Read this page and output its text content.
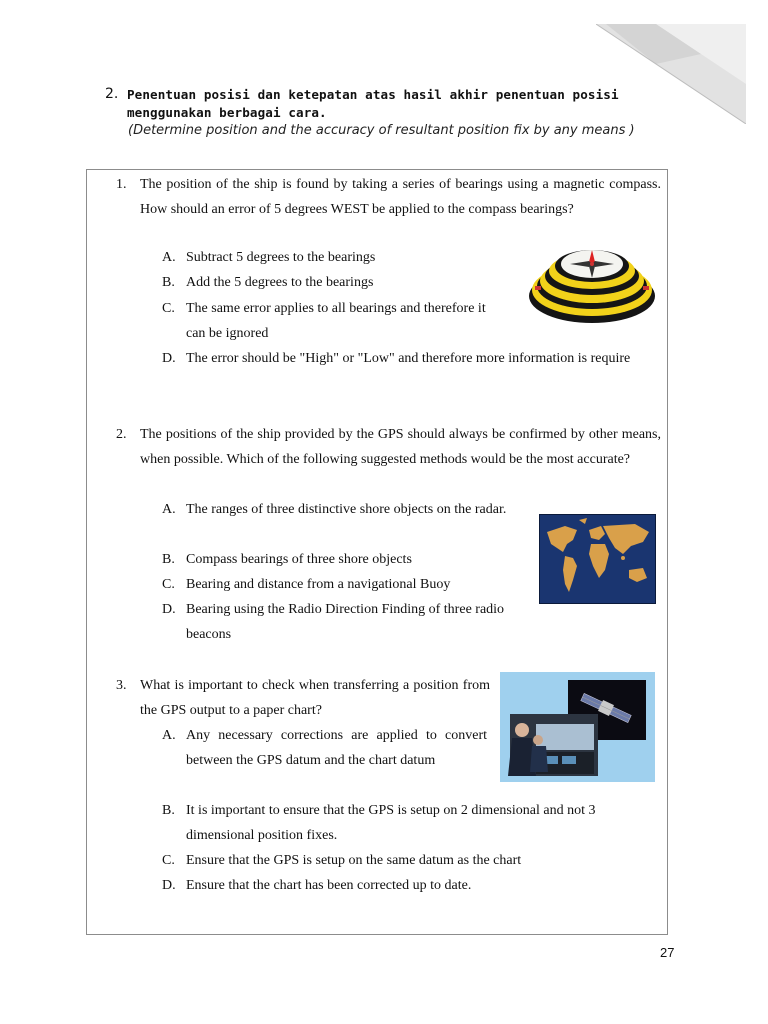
2. Penentuan posisi dan ketepatan atas hasil akhir penentuan posisi menggunakan berbagai cara.
(Determine position and the accuracy of resultant position fix by any means )
1. The position of the ship is found by taking a series of bearings using a magnetic compass. How should an error of 5 degrees WEST be applied to the compass bearings?
A. Subtract 5 degrees to the bearings
B. Add the 5 degrees to the bearings
C. The same error applies to all bearings and therefore it can be ignored
D. The error should be "High" or "Low" and therefore more information is require
2. The positions of the ship provided by the GPS should always be confirmed by other means, when possible. Which of the following suggested methods would be the most accurate?
A. The ranges of three distinctive shore objects on the radar.
B. Compass bearings of three shore objects
C. Bearing and distance from a navigational Buoy
D. Bearing using the Radio Direction Finding of three radio beacons
3. What is important to check when transferring a position from the GPS output to a paper chart?
A. Any necessary corrections are applied to convert between the GPS datum and the chart datum
B. It is important to ensure that the GPS is setup on 2 dimensional and not 3 dimensional position fixes.
C. Ensure that the GPS is setup on the same datum as the chart
D. Ensure that the chart has been corrected up to date.
27
